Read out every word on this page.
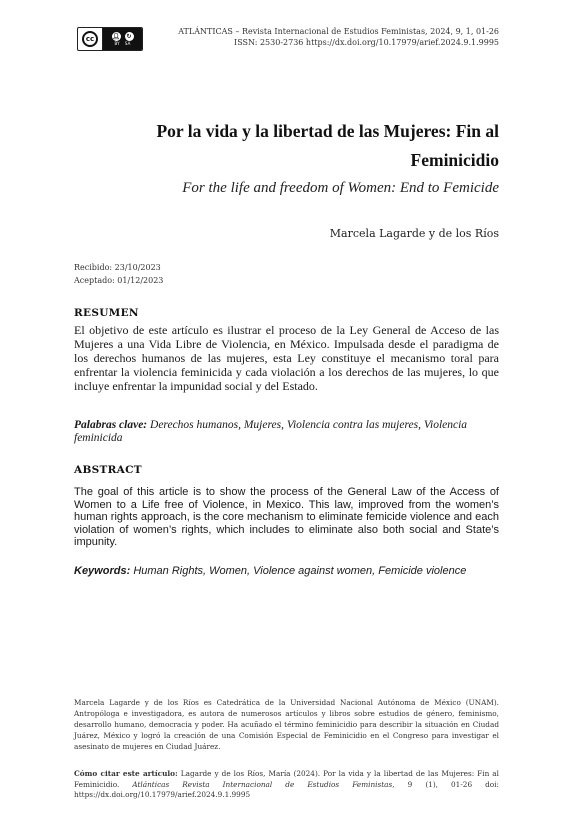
cc	👤︎	↻
BY SA
ATLÁNTICAS – Revista Internacional de Estudios Feministas, 2024, 9, 1, 01-26
ISSN: 2530-2736 https://dx.doi.org/10.17979/arief.2024.9.1.9995
Por la vida y la libertad de las Mujeres: Fin al
Feminicidio
For the life and freedom of Women: End to Femicide
Marcela Lagarde y de los Ríos
Recibido: 23/10/2023
Aceptado: 01/12/2023
RESUMEN
El objetivo de este artículo es ilustrar el proceso de la Ley General de Acceso de las Mujeres a una Vida Libre de Violencia, en México. Impulsada desde el paradigma de los derechos humanos de las mujeres, esta Ley constituye el mecanismo toral para enfrentar la violencia feminicida y cada violación a los derechos de las mujeres, lo que incluye enfrentar la impunidad social y del Estado.
Palabras clave: Derechos humanos, Mujeres, Violencia contra las mujeres, Violencia feminicida
ABSTRACT
The goal of this article is to show the process of the General Law of the Access of Women to a Life free of Violence, in Mexico. This law, improved from the women’s human rights approach, is the core mechanism to eliminate femicide violence and each violation of women’s rights, which includes to eliminate also both social and State’s impunity.
Keywords: Human Rights, Women, Violence against women, Femicide violence
Marcela Lagarde y de los Ríos es Catedrática de la Universidad Nacional Autónoma de México (UNAM). Antropóloga e investigadora, es autora de numerosos artículos y libros sobre estudios de género, feminismo, desarrollo humano, democracia y poder. Ha acuñado el término feminicidio para describir la situación en Ciudad Juárez, México y logró la creación de una Comisión Especial de Feminicidio en el Congreso para investigar el asesinato de mujeres en Ciudad Juárez.
Cómo citar este artículo: Lagarde y de los Ríos, María (2024). Por la vida y la libertad de las Mujeres: Fin al Feminicidio. Atlánticas Revista Internacional de Estudios Feministas, 9 (1), 01-26 doi: https://dx.doi.org/10.17979/arief.2024.9.1.9995
